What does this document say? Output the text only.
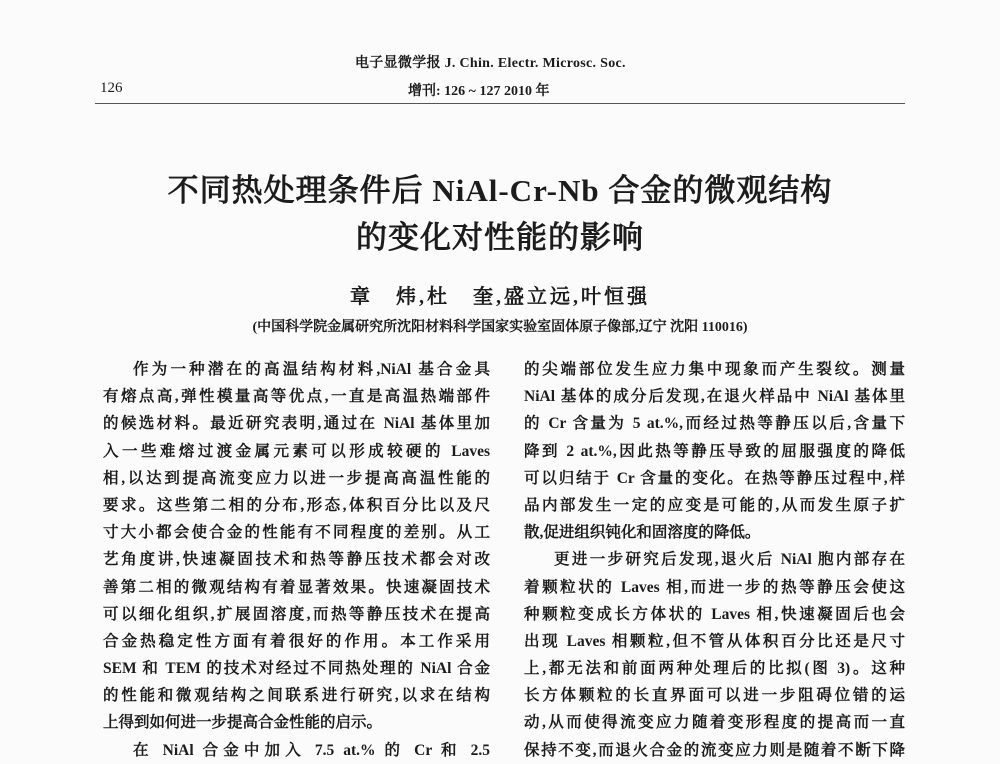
电子显微学报 J. Chin. Electr. Microsc. Soc.
126	增刊: 126 ~ 127 2010 年
不同热处理条件后 NiAl-Cr-Nb 合金的微观结构
的变化对性能的影响
章　炜,杜　奎,盛立远,叶恒强
(中国科学院金属研究所沈阳材料科学国家实验室固体原子像部,辽宁 沈阳 110016)
作为一种潜在的高温结构材料,NiAl 基合金具
有熔点高,弹性模量高等优点,一直是高温热端部件
的候选材料。最近研究表明,通过在 NiAl 基体里加
入一些难熔过渡金属元素可以形成较硬的 Laves
相,以达到提高流变应力以进一步提高高温性能的
要求。这些第二相的分布,形态,体积百分比以及尺
寸大小都会使合金的性能有不同程度的差别。从工
艺角度讲,快速凝固技术和热等静压技术都会对改
善第二相的微观结构有着显著效果。快速凝固技术
可以细化组织,扩展固溶度,而热等静压技术在提高
合金热稳定性方面有着很好的作用。本工作采用
SEM 和 TEM 的技术对经过不同热处理的 NiAl 合金
的性能和微观结构之间联系进行研究,以求在结构
上得到如何进一步提高合金性能的启示。
在 NiAl 合金中加入 7.5 at.% 的 Cr 和 2.5
的尖端部位发生应力集中现象而产生裂纹。测量
NiAl 基体的成分后发现,在退火样品中 NiAl 基体里
的 Cr 含量为 5 at.%,而经过热等静压以后,含量下
降到 2 at.%,因此热等静压导致的屈服强度的降低
可以归结于 Cr 含量的变化。在热等静压过程中,样
品内部发生一定的应变是可能的,从而发生原子扩
散,促进组织钝化和固溶度的降低。
更进一步研究后发现,退火后 NiAl 胞内部存在
着颗粒状的 Laves 相,而进一步的热等静压会使这
种颗粒变成长方体状的 Laves 相,快速凝固后也会
出现 Laves 相颗粒,但不管从体积百分比还是尺寸
上,都无法和前面两种处理后的比拟(图 3)。这种
长方体颗粒的长直界面可以进一步阻碍位错的运
动,从而使得流变应力随着变形程度的提高而一直
保持不变,而退火合金的流变应力则是随着不断下降
